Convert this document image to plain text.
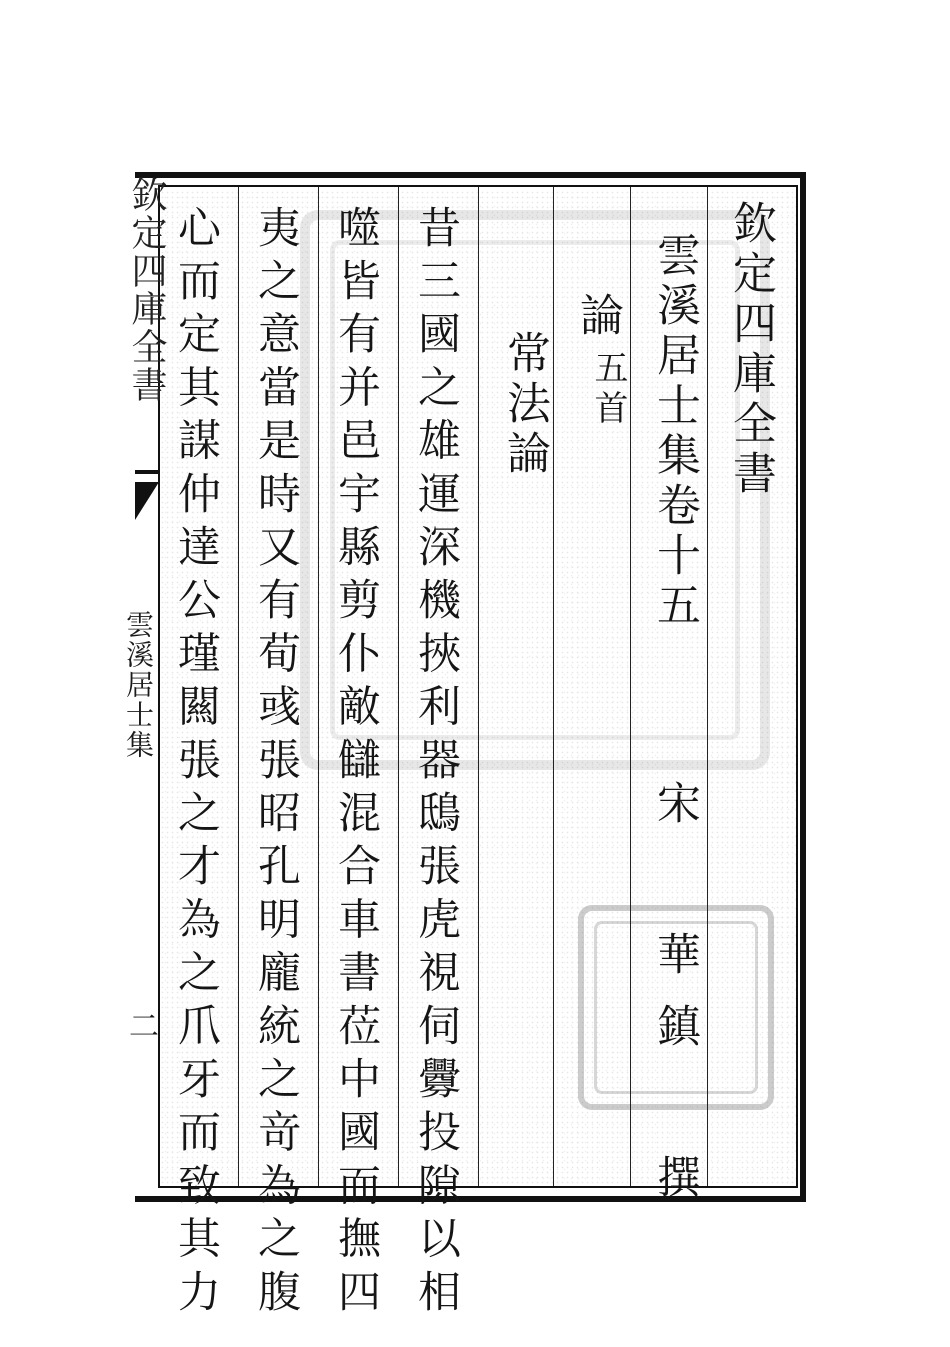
欽定四庫全書
雲溪居士集卷十五
宋 華鎮 撰
論
五首
常法論
昔三國之雄運深機挾利器鴟張虎視伺釁投隙以相
噬皆有并邑宇縣剪仆敵讎混合車書莅中國而撫四
夷之意當是時又有荀彧張昭孔明龐統之竒為之腹
心而定其謀仲達公瑾闗張之才為之爪牙而致其力
欽定四庫全書
雲溪居士集
二
